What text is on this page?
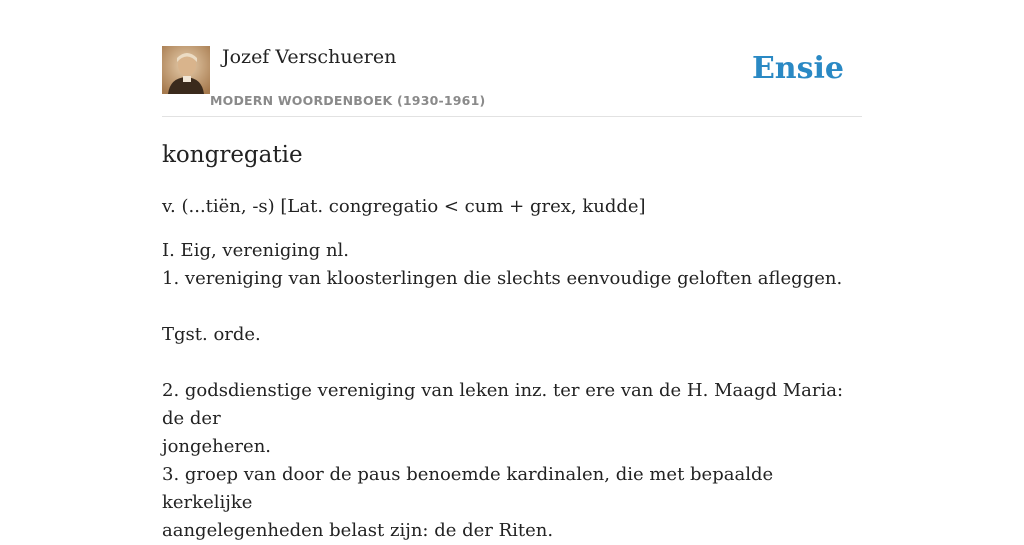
Jozef Verschueren
MODERN WOORDENBOEK (1930-1961)
Ensie
kongregatie
v. (...tiën, -s) [Lat. congregatio < cum + grex, kudde]
I. Eig, vereniging nl.
1. vereniging van kloosterlingen die slechts eenvoudige geloften afleggen.
Tgst. orde.
2. godsdienstige vereniging van leken inz. ter ere van de H. Maagd Maria: de der
jongeheren.
3. groep van door de paus benoemde kardinalen, die met bepaalde kerkelijke
aangelegenheden belast zijn: de der Riten.
